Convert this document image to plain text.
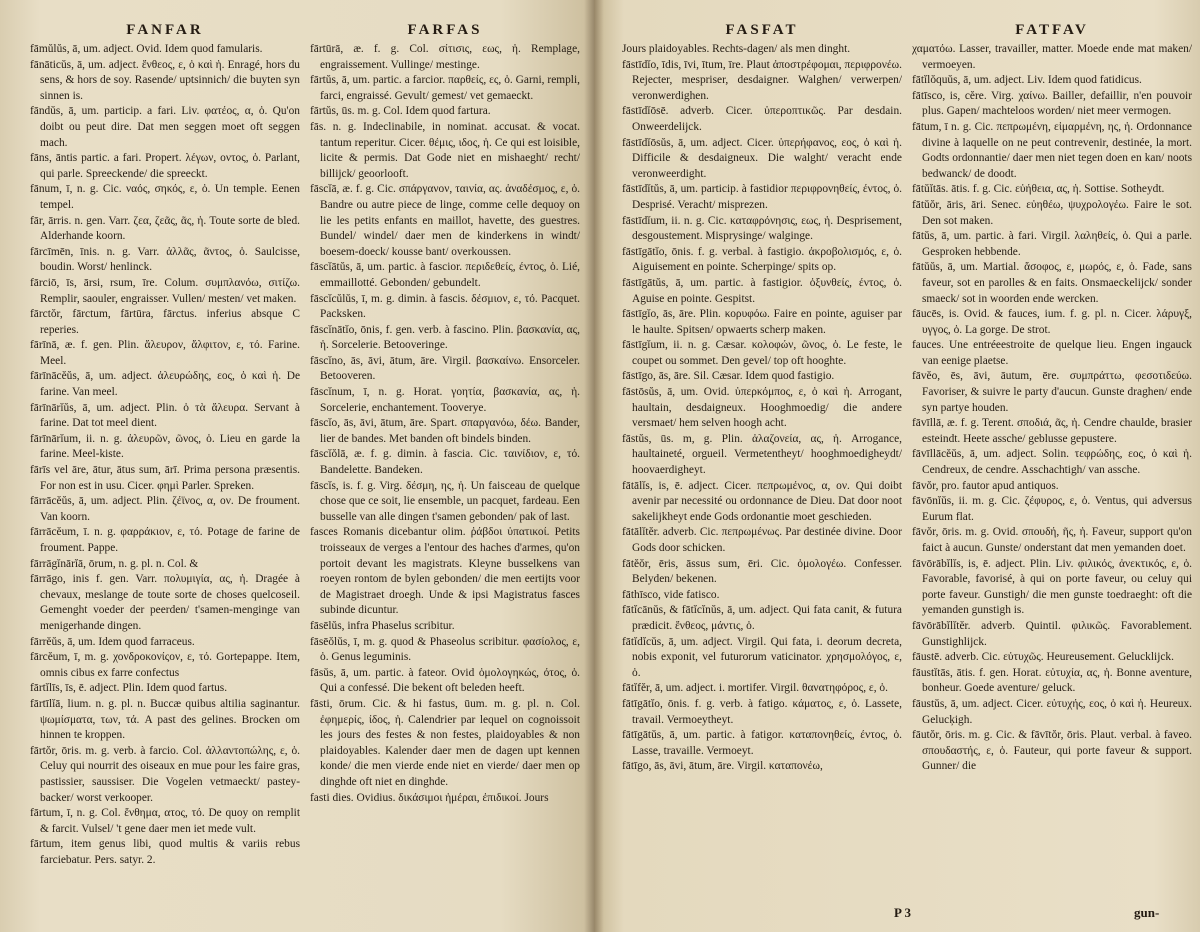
FANFAR

fāmŭlŭs, ā, um. adject. Ovid. Idem quod famularis.

fānāticŭs, ā, um. adject. ἔνθεος, ε, ὁ καὶ ἡ. Enragé, hors du sens, & hors de soy. Rasende/ uptsinnich/ die buyten syn sinnen is.

fāndŭs, ā, um. particip. a fari. Liv. φατέος, α, ὁ. Qu'on doibt ou peut dire. Dat men seggen moet oft seggen mach.

fāns, āntis partic. a fari. Propert. λέγων, οντος, ὁ. Parlant, qui parle. Spreeckende/ die spreeckt.

fānum, ī, n. g. Cic. ναός, σηκός, ε, ὁ. Un temple. Eenen tempel.

fār, ārris. n. gen. Varr. ζεα, ζεᾶς, ᾶς, ἡ. Toute sorte de bled. Alderhande koorn.

fārcīmēn, īnis. n. g. Varr. ἀλλᾶς, ᾶντος, ὁ. Saulcisse, boudin. Worst/ henlinck.

fārciō, īs, ārsi, rsum, īre. Colum. συμπλανόω, σιτίζω. Remplir, saouler, engraisser. Vullen/ mesten/ vet maken.

fārctŏr, fārctum, fārtūra, fārctus. inferius absque C reperies.

fārīnā, æ. f. gen. Plin. ἄλευρον, ἄλφιτον, ε, τό. Farine. Meel.

fārīnācĕŭs, ā, um. adject. ἀλευρώδης, εος, ὁ καὶ ἡ. De farine. Van meel.

fārīnārĭŭs, ā, um. adject. Plin. ὁ τὰ ἄλευρα. Servant à farine. Dat tot meel dient.

fārīnārĭum, ii. n. g. ἀλευρῶν, ῶνος, ὁ. Lieu en garde la farine. Meel-kiste.

fārīs vel āre, ātur, ātus sum, ārī. Prima persona præsentis. For non est in usu. Cicer. φημὶ Parler. Spreken.

fārrācĕŭs, ā, um. adject. Plin. ζέϊνος, α, ον. De froument. Van koorn.

fārrācĕum, ī. n. g. φαρράκιον, ε, τό. Potage de farine de froument. Pappe.

fārrāgĭnārĭā, ōrum, n. g. pl. n. Col. &

fārrāgo, inis f. gen. Varr. πολυμιγία, ας, ἡ. Dragée à chevaux, meslange de toute sorte de choses quelcoseil. Gemenght voeder der peerden/ t'samen-menginge van menigerhande dingen.

fārrĕŭs, ā, um. Idem quod farraceus.

fārcĕum, ī, m. g. χονδροκονίςον, ε, τό. Gortepappe. Item, omnis cibus ex farre confectus

fārtĭlīs, īs, ē. adject. Plin. Idem quod fartus.

fārtīlĭā, lium. n. g. pl. n. Buccæ quibus altilia saginantur. ψωμίσματα, των, τά. A past des gelines. Brocken om hinnen te kroppen.

fārtŏr, ōris. m. g. verb. à farcio. Col. ἀλλαντοπώλης, ε, ὁ. Celuy qui nourrit des oiseaux en mue pour les faire gras, pastissier, saussiser. Die Vogelen vetmaeckt/ pastey-backer/ worst verkooper.

fārtum, ī, n. g. Col. ἔνθημα, ατος, τό. De quoy on remplit & farcit. Vulsel/ 't gene daer men iet mede vult.

fārtum, item genus libi, quod multis & variis rebus farciebatur. Pers. satyr. 2.

FARFAS

fārtūrā, æ. f. g. Col. σίτισις, εως, ἡ. Remplage, engraissement. Vullinge/ mestinge.

fārtŭs, ā, um. partic. a farcior. παρθείς, ες, ὁ. Garni, rempli, farci, engraissé. Gevult/ gemest/ vet gemaeckt.

fārtŭs, ūs. m. g. Col. Idem quod fartura.

fās. n. g. Indeclinabile, in nominat. accusat. & vocat. tantum reperitur. Cicer. θέμις, ιδος, ἡ. Ce qui est loisible, licite & permis. Dat Gode niet en mishaeght/ recht/ billijck/ geoorlooft.

fāscĭā, æ. f. g. Cic. σπάργανον, ταινία, ας. ἀναδέσμος, ε, ὁ. Bandre ou autre piece de linge, comme celle dequoy on lie les petits enfants en maillot, havette, des guestres. Bundel/ windel/ daer men de kinderkens in windt/ boesem-doeck/ kousse bant/ overkoussen.

fāscĭātŭs, ā, um. partic. à fascior. περιδεθείς, έντος, ὁ. Lié, emmaillotté. Gebonden/ gebundelt.

fāscĭcŭlŭs, ī, m. g. dimin. à fascis. δέσμιον, ε, τό. Pacquet. Packsken.

fāscĭnātĭo, ōnis, f. gen. verb. à fascino. Plin. βασκανία, ας, ἡ. Sorcelerie. Betooveringe.

fāscĭno, ās, āvi, ātum, āre. Virgil. βασκαίνω. Ensorceler. Betooveren.

fāscĭnum, ī, n. g. Horat. γοητία, βασκανία, ας, ἡ. Sorcelerie, enchantement. Tooverye.

fāscĭo, ās, āvi, ātum, āre. Spart. σπαργανόω, δέω. Bander, lier de bandes. Met banden oft bindels binden.

fāscĭŏlā, æ. f. g. dimin. à fascia. Cic. ταινίδιον, ε, τό. Bandelette. Bandeken.

fāscĭs, is. f. g. Virg. δέσμη, ης, ἡ. Un faisceau de quelque chose que ce soit, lie ensemble, un pacquet, fardeau. Een busselle van alle dingen t'samen gebonden/ pak of last.

fasces Romanis dicebantur olim. ῥάβδοι ὑπατικοί. Petits troisseaux de verges a l'entour des haches d'armes, qu'on portoit devant les magistrats. Kleyne busselkens van roeyen rontom de bylen gebonden/ die men eertijts voor de Magistraet droegh. Unde & ipsi Magistratus fasces subinde dicuntur.

fāsēlŭs, infra Phaselus scribitur.

fāsēŏlŭs, ī, m. g. quod & Phaseolus scribitur. φασίολος, ε, ὁ. Genus leguminis.

fāsŭs, ā, um. partic. à fateor. Ovid ὁμολογηκώς, ότος, ὁ. Qui a confessé. Die bekent oft beleden heeft.

fāsti, ōrum. Cic. & hi fastus, ūum. m. g. pl. n. Col. ἐφημερίς, ίδος, ἡ. Calendrier par lequel on cognoissoit les jours des festes & non festes, plaidoyables & non plaidoyables. Kalender daer men de dagen upt kennen konde/ die men vierde ende niet en vierde/ daer men op dinghde oft niet en dinghde.

fasti dies. Ovidius. δικάσιμοι ἡμέραι, ἐπιδικοί. Jours

FASFAT

Jours plaidoyables. Rechts-dagen/ als men dinght.

fāstīdĭo, īdis, īvi, ītum, īre. Plaut ἀποστρέφομαι, περιφρονέω. Rejecter, mespriser, desdaigner. Walghen/ verwerpen/ veronwerdighen.

fāstīdĭōsē. adverb. Cicer. ὑπεροπτικῶς. Par desdain. Onweerdelijck.

fāstīdĭōsŭs, ā, um. adject. Cicer. ὑπερήφανος, εος, ὁ καὶ ἡ. Difficile & desdaigneux. Die walght/ veracht ende veronweerdight.

fāstīdĭtŭs, ā, um. particip. à fastidior περιφρονηθείς, έντος, ὁ. Desprisé. Veracht/ misprezen.

fāstīdĭum, ii. n. g. Cic. καταφρόνησις, εως, ἡ. Desprisement, desgoustement. Misprysinge/ walginge.

fāstīgātĭo, ōnis. f. g. verbal. à fastigio. ἀκροβολισμός, ε, ὁ. Aiguisement en pointe. Scherpinge/ spits op.

fāstīgātŭs, ā, um. partic. à fastigior. ὀξυνθείς, έντος, ὁ. Aguise en pointe. Gespitst.

fāstīgĭo, ās, āre. Plin. κορυφόω. Faire en pointe, aguiser par le haulte. Spitsen/ opwaerts scherp maken.

fāstīgĭum, ii. n. g. Cæsar. κολοφών, ῶνος, ὁ. Le feste, le coupet ou sommet. Den gevel/ top oft hooghte.

fāstīgo, ās, āre. Sil. Cæsar. Idem quod fastigio.

fāstōsŭs, ā, um. Ovid. ὑπερκόμπος, ε, ὁ καὶ ἡ. Arrogant, haultain, desdaigneux. Hooghmoedig/ die andere versmaet/ hem selven hoogh acht.

fāstŭs, ūs. m, g. Plin. ἀλαζονεία, ας, ἡ. Arrogance, haultaineté, orgueil. Vermetentheyt/ hooghmoedigheydt/ hoovaerdigheyt.

fātālĭs, is, ē. adject. Cicer. πεπρωμένος, α, ον. Qui doibt avenir par necessité ou ordonnance de Dieu. Dat door noot sakelijkheyt ende Gods ordonantie moet geschieden.

fātālĭtĕr. adverb. Cic. πεπρωμένως. Par destinée divine. Door Gods door schicken.

fātĕŏr, ēris, āssus sum, ēri. Cic. ὁμολογέω. Confesser. Belyden/ bekenen.

fāthīsco, vide fatisco.

fātĭcānŭs, & fātĭcĭnŭs, ā, um. adject. Qui fata canit, & futura prædicit. ἔνθεος, μάντις, ὁ.

fātĭdĭcŭs, ā, um. adject. Virgil. Qui fata, i. deorum decreta, nobis exponit, vel futurorum vaticinator. χρησμολόγος, ε, ὁ.

fātĭfĕr, ā, um. adject. i. mortifer. Virgil. θανατηφόρος, ε, ὁ.

fātīgātĭo, ōnis. f. g. verb. à fatigo. κάματος, ε, ὁ. Lassete, travail. Vermoeytheyt.

fātīgātŭs, ā, um. partic. à fatigor. καταπονηθείς, έντος, ὁ. Lasse, travaille. Vermoeyt.

fātīgo, ās, āvi, ātum, āre. Virgil. καταπονέω,

FATFAV

χαματόω. Lasser, travailler, matter. Moede ende mat maken/ vermoeyen.

fātĭlŏquŭs, ā, um. adject. Liv. Idem quod fatidicus.

fātīsco, is, cĕre. Virg. χαίνω. Bailler, defaillir, n'en pouvoir plus. Gapen/ machteloos worden/ niet meer vermogen.

fātum, ī n. g. Cic. πεπρωμένη, εἱμαρμένη, ης, ἡ. Ordonnance divine à laquelle on ne peut contrevenir, destinée, la mort. Godts ordonnantie/ daer men niet tegen doen en kan/ noots bedwanck/ de doodt.

fātŭĭtās. ātis. f. g. Cic. εὐήθεια, ας, ἡ. Sottise. Sotheydt.

fātŭŏr, āris, āri. Senec. εὐηθέω, ψυχρολογέω. Faire le sot. Den sot maken.

fātŭs, ā, um. partic. à fari. Virgil. λαληθείς, ὁ. Qui a parle. Gesproken hebbende.

fātŭŭs, ā, um. Martial. ἄσοφος, ε, μωρός, ε, ὁ. Fade, sans faveur, sot en parolles & en faits. Onsmaeckelijck/ sonder smaeck/ sot in woorden ende wercken.

fāucēs, is. Ovid. & fauces, ium. f. g. pl. n. Cicer. λάρυγξ, υγγος, ὁ. La gorge. De strot.

fauces. Une entréeestroite de quelque lieu. Engen ingauck van eenige plaetse.

fāvĕo, ēs, āvi, āutum, ēre. συμπράττω, φεσοτιδεύω. Favoriser, & suivre le party d'aucun. Gunste draghen/ ende syn partye houden.

fāvīllā, æ. f. g. Terent. σποδιά, ᾶς, ἡ. Cendre chaulde, brasier esteindt. Heete assche/ geblusse gepustere.

fāvīllācĕŭs, ā, um. adject. Solin. τεφρώδης, εος, ὁ καὶ ἡ. Cendreux, de cendre. Asschachtigh/ van assche.

fāvŏr, pro. fautor apud antiquos.

fāvōnĭŭs, ii. m. g. Cic. ζέφυρος, ε, ὁ. Ventus, qui adversus Eurum flat.

fāvŏr, ōris. m. g. Ovid. σπουδή, ῆς, ἡ. Faveur, support qu'on faict à aucun. Gunste/ onderstant dat men yemanden doet.

fāvōrābĭlĭs, is, ē. adject. Plin. Liv. φιλικός, ἀνεκτικός, ε, ὁ. Favorable, favorisé, à qui on porte faveur, ou celuy qui porte faveur. Gunstigh/ die men gunste toedraeght: oft die yemanden gunstigh is.

fāvōrābĭlĭtĕr. adverb. Quintil. φιλικῶς. Favorablement. Gunstighlijck.

fāustē. adverb. Cic. εὐτυχῶς. Heureusement. Gelucklijck.

fāustĭtās, ātis. f. gen. Horat. εὐτυχία, ας, ἡ. Bonne aventure, bonheur. Goede aventure/ geluck.

fāustŭs, ā, um. adject. Cicer. εὐτυχής, εος, ὁ καὶ ἡ. Heureux. Gelucķigh.

fāutŏr, ōris. m. g. Cic. & fāvītŏr, ōris. Plaut. verbal. à faveo. σπουδαστής, ε, ὁ. Fauteur, qui porte faveur & support. Gunner/ die

P 3	gun-
